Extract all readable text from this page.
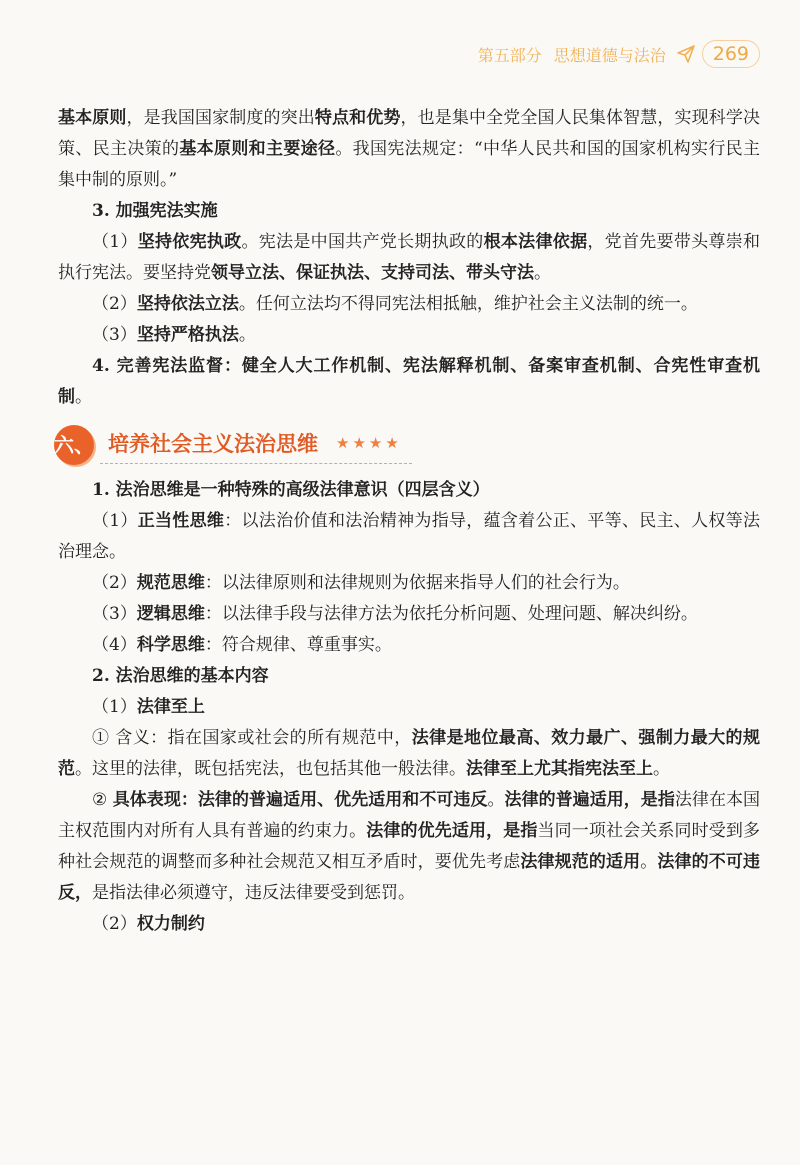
第五部分 思想道德与法治	269

基本原则，是我国国家制度的突出特点和优势，也是集中全党全国人民集体智慧，实现科学决策、民主决策的基本原则和主要途径。我国宪法规定：“中华人民共和国的国家机构实行民主集中制的原则。”

3. 加强宪法实施

（1）坚持依宪执政。宪法是中国共产党长期执政的根本法律依据，党首先要带头尊崇和执行宪法。要坚持党领导立法、保证执法、支持司法、带头守法。

（2）坚持依法立法。任何立法均不得同宪法相抵触，维护社会主义法制的统一。

（3）坚持严格执法。

4. 完善宪法监督：健全人大工作机制、宪法解释机制、备案审查机制、合宪性审查机制。

六、 培养社会主义法治思维 ★★★★

1. 法治思维是一种特殊的高级法律意识（四层含义）

（1）正当性思维：以法治价值和法治精神为指导，蕴含着公正、平等、民主、人权等法治理念。

（2）规范思维：以法律原则和法律规则为依据来指导人们的社会行为。

（3）逻辑思维：以法律手段与法律方法为依托分析问题、处理问题、解决纠纷。

（4）科学思维：符合规律、尊重事实。

2. 法治思维的基本内容

（1）法律至上

① 含义：指在国家或社会的所有规范中，法律是地位最高、效力最广、强制力最大的规范。这里的法律，既包括宪法，也包括其他一般法律。法律至上尤其指宪法至上。

② 具体表现：法律的普遍适用、优先适用和不可违反。法律的普遍适用，是指法律在本国主权范围内对所有人具有普遍的约束力。法律的优先适用，是指当同一项社会关系同时受到多种社会规范的调整而多种社会规范又相互矛盾时，要优先考虑法律规范的适用。法律的不可违反，是指法律必须遵守，违反法律要受到惩罚。

（2）权力制约
